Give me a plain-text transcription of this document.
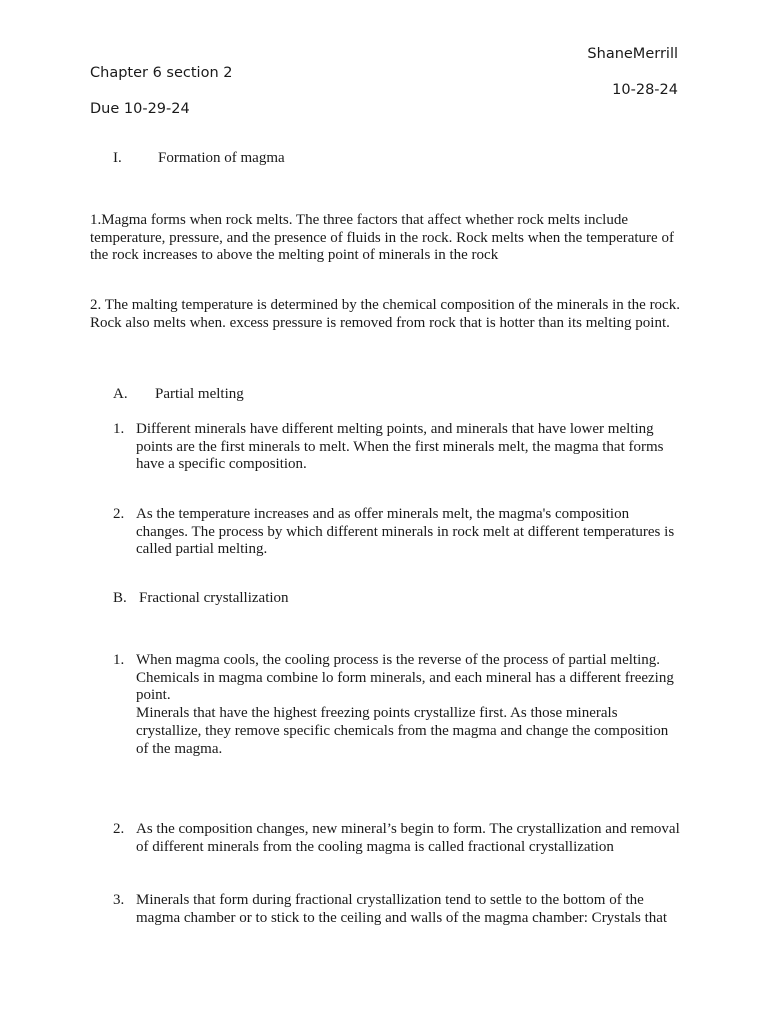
ShaneMerrill
Chapter 6 section 2
10-28-24
Due 10-29-24
I. Formation of magma
1.Magma forms when rock melts. The three factors that affect whether rock melts include temperature, pressure, and the presence of fluids in the rock. Rock melts when the temperature of the rock increases to above the melting point of minerals in the rock
2. The malting temperature is determined by the chemical composition of the minerals in the rock. Rock also melts when. excess pressure is removed from rock that is hotter than its melting point.
A. Partial melting
1. Different minerals have different melting points, and minerals that have lower melting points are the first minerals to melt. When the first minerals melt, the magma that forms have a specific composition.
2. As the temperature increases and as offer minerals melt, the magma's composition changes. The process by which different minerals in rock melt at different temperatures is called partial melting.
B. Fractional crystallization
1. When magma cools, the cooling process is the reverse of the process of partial melting. Chemicals in magma combine lo form minerals, and each mineral has a different freezing point.
Minerals that have the highest freezing points crystallize first. As those minerals crystallize, they remove specific chemicals from the magma and change the composition of the magma.
2. As the composition changes, new mineral’s begin to form. The crystallization and removal of different minerals from the cooling magma is called fractional crystallization
3. Minerals that form during fractional crystallization tend to settle to the bottom of the magma chamber or to stick to the ceiling and walls of the magma chamber: Crystals that
